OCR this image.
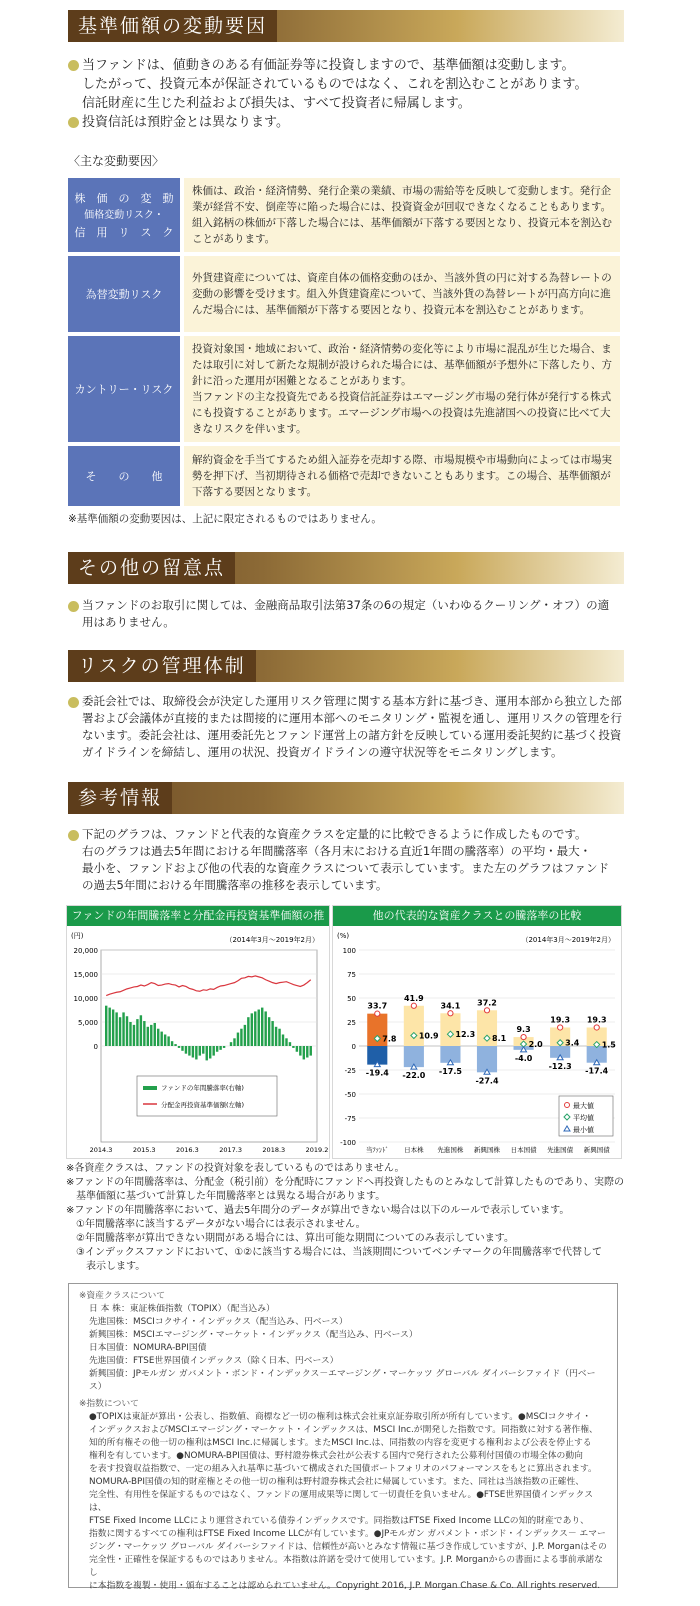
基準価額の変動要因

当ファンドは、値動きのある有価証券等に投資しますので、基準価額は変動します。

したがって、投資元本が保証されているものではなく、これを割込むことがあります。

信託財産に生じた利益および損失は、すべて投資者に帰属します。

投資信託は預貯金とは異なります。

〈主な変動要因〉
株　価　の　変　動
価格変動リスク・
信　用　リ　ス　ク	株価は、政治・経済情勢、発行企業の業績、市場の需給等を反映して変動します。発行企業が経営不安、倒産等に陥った場合には、投資資金が回収できなくなることもあります。組入銘柄の株価が下落した場合には、基準価額が下落する要因となり、投資元本を割込むことがあります。
為替変動リスク	外貨建資産については、資産自体の価格変動のほか、当該外貨の円に対する為替レートの変動の影響を受けます。組入外貨建資産について、当該外貨の為替レートが円高方向に進んだ場合には、基準価額が下落する要因となり、投資元本を割込むことがあります。
カントリー・リスク	投資対象国・地域において、政治・経済情勢の変化等により市場に混乱が生じた場合、または取引に対して新たな規制が設けられた場合には、基準価額が予想外に下落したり、方針に沿った運用が困難となることがあります。
当ファンドの主な投資先である投資信託証券はエマージング市場の発行体が発行する株式にも投資することがあります。エマージング市場への投資は先進諸国への投資に比べて大きなリスクを伴います。

そ　　の　　他	解約資金を手当てするため組入証券を売却する際、市場規模や市場動向によっては市場実勢を押下げ、当初期待される価格で売却できないこともあります。この場合、基準価額が下落する要因となります。
※基準価額の変動要因は、上記に限定されるものではありません。
その他の留意点

当ファンドのお取引に関しては、金融商品取引法第37条の6の規定（いわゆるクーリング・オフ）の適

用はありません。

リスクの管理体制

委託会社では、取締役会が決定した運用リスク管理に関する基本方針に基づき、運用本部から独立した部

署および会議体が直接的または間接的に運用本部へのモニタリング・監視を通し、運用リスクの管理を行

ないます。委託会社は、運用委託先とファンド運営上の諸方針を反映している運用委託契約に基づく投資

ガイドラインを締結し、運用の状況、投資ガイドラインの遵守状況等をモニタリングします。

参考情報

下記のグラフは、ファンドと代表的な資産クラスを定量的に比較できるように作成したものです。

右のグラフは過去5年間における年間騰落率（各月末における直近1年間の騰落率）の平均・最大・

最小を、ファンドおよび他の代表的な資産クラスについて表示しています。また左のグラフはファンド

の過去5年間における年間騰落率の推移を表示しています。

ファンドの年間騰落率と分配金再投資基準価額の推移
(円)	（2014年3月～2019年2月）
20,000
15,000
10,000
5,000
0
2014.3	2015.3	2016.3	2017.3	2018.3	2019.2
ファンドの年間騰落率(右軸)
分配金再投資基準価額(左軸)
他の代表的な資産クラスとの騰落率の比較
(%)	（2014年3月～2019年2月）
100
75
50
25
0
-25
-50
-75
-100
33.7
7.8
-19.4
当ﾌｧﾝﾄﾞ
41.9
10.9
-22.0
日本株
34.1
12.3
-17.5
先進国株
37.2
8.1
-27.4
新興国株
9.3
2.0
-4.0
日本国債
19.3
3.4
-12.3
先進国債
19.3
1.5
-17.4
新興国債
最大値
平均値
最小値
※各資産クラスは、ファンドの投資対象を表しているものではありません。
※ファンドの年間騰落率は、分配金（税引前）を分配時にファンドへ再投資したものとみなして計算したものであり、実際の
　基準価額に基づいて計算した年間騰落率とは異なる場合があります。
※ファンドの年間騰落率において、過去5年間分のデータが算出できない場合は以下のルールで表示しています。
　①年間騰落率に該当するデータがない場合には表示されません。
　②年間騰落率が算出できない期間がある場合には、算出可能な期間についてのみ表示しています。
　③インデックスファンドにおいて、①②に該当する場合には、当該期間についてベンチマークの年間騰落率で代替して
　　表示します。
※資産クラスについて
日 本 株：東証株価指数（TOPIX）（配当込み）
先進国株：MSCIコクサイ・インデックス（配当込み、円ベース）
新興国株：MSCIエマージング・マーケット・インデックス（配当込み、円ベース）
日本国債：NOMURA-BPI国債
先進国債：FTSE世界国債インデックス（除く日本、円ベース）
新興国債：JPモルガン ガバメント・ボンド・インデックス－エマージング・マーケッツ グローバル ダイバーシファイド（円ベース）
※指数について
●TOPIXは東証が算出・公表し、指数値、商標など一切の権利は株式会社東京証券取引所が所有しています。●MSCIコクサイ・
インデックスおよびMSCIエマージング・マーケット・インデックスは、MSCI Inc.が開発した指数です。同指数に対する著作権、
知的所有権その他一切の権利はMSCI Inc.に帰属します。またMSCI Inc.は、同指数の内容を変更する権利および公表を停止する
権利を有しています。●NOMURA-BPI国債は、野村證券株式会社が公表する国内で発行された公募利付国債の市場全体の動向
を表す投資収益指数で、一定の組み入れ基準に基づいて構成された国債ポートフォリオのパフォーマンスをもとに算出されます。
NOMURA-BPI国債の知的財産権とその他一切の権利は野村證券株式会社に帰属しています。また、同社は当該指数の正確性、
完全性、有用性を保証するものではなく、ファンドの運用成果等に関して一切責任を負いません。●FTSE世界国債インデックスは、
FTSE Fixed Income LLCにより運営されている債券インデックスです。同指数はFTSE Fixed Income LLCの知的財産であり、
指数に関するすべての権利はFTSE Fixed Income LLCが有しています。●JPモルガン ガバメント・ボンド・インデックス－ エマー
ジング・マーケッツ グローバル ダイバーシファイドは、信頼性が高いとみなす情報に基づき作成していますが、J.P. Morganはその
完全性・正確性を保証するものではありません。本指数は許諾を受けて使用しています。J.P. Morganからの書面による事前承諾なし
に本指数を複製・使用・頒布することは認められていません。Copyright 2016, J.P. Morgan Chase & Co. All rights reserved.
